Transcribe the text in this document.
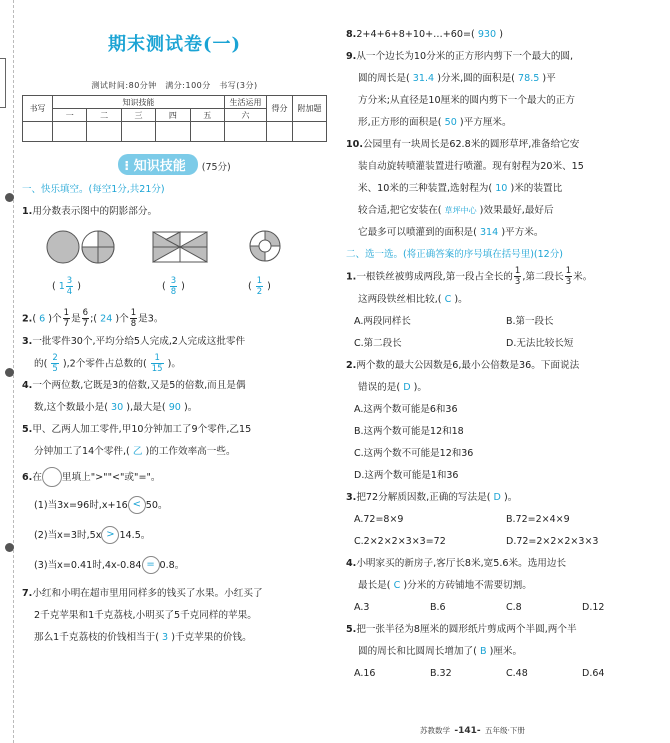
期末测试卷(一)
测试时间:80分钟　满分:100分　书写(3分)
书写	知识技能					生活运用	得分	附加题
	一	二	三	四	五	六		

⁝ 知识技能 (75分)
一、快乐填空。(每空1分,共21分)
1.用分数表示图中的阴影部分。
( $1 \frac{3}{4}$ )	( $\frac{3}{8}$ )	( $\frac{1}{2}$ )
2.( 6 )个 $\frac{1}{7}$ 是 $\frac{6}{7}$ ;( 24 )个 $\frac{1}{8}$ 是3。
3.一批零件30个,平均分给5人完成,2人完成这批零件
的( $\frac{2}{5} ),2$个零件占总数的( $\frac{1}{15}$ )。
4.一个两位数,它既是3的倍数,又是5的倍数,而且是偶
数,这个数最小是( 30 ),最大是( 90 )。
5.甲、乙两人加工零件,甲10分钟加工了9个零件,乙15
分钟加工了14个零件,( 乙 )的工作效率高一些。
6.在 里填上">""<"或"="。
(1)当3x=96时,x+16 < 50。
(2)当x=3时,5x > 14.5。
(3)当x=0.41时,4x-0.84 = 0.8。
7.小红和小明在超市里用同样多的钱买了水果。小红买了
2千克苹果和1千克荔枝,小明买了5千克同样的苹果。
那么1千克荔枝的价钱相当于( 3 )千克苹果的价钱。
8.2+4+6+8+10+…+60=( 930 )
9.从一个边长为10分米的正方形内剪下一个最大的圆,
圆的周长是( 31.4 )分米,圆的面积是( 78.5 )平
方分米;从直径是10厘米的圆内剪下一个最大的正方
形,正方形的面积是( 50 )平方厘米。
10.公园里有一块周长是62.8米的圆形草坪,准备给它安
装自动旋转喷灌装置进行喷灌。现有射程为20米、15
米、10米的三种装置,选射程为( 10 )米的装置比
较合适,把它安装在( 草坪中心 )效果最好,最好后
它最多可以喷灌到的面积是( 314 )平方米。
二、选一选。(将正确答案的序号填在括号里)(12分)
1.一根铁丝被剪成两段,第一段占全长的 $\frac{1}{3}$ ,第二段长 $\frac{1}{3}$ 米。
这两段铁丝相比较,( C )。
A.两段同样长	B.第一段长
C.第二段长	D.无法比较长短
2.两个数的最大公因数是6,最小公倍数是36。下面说法
错误的是( D )。
A.这两个数可能是6和36
B.这两个数可能是12和18
C.这两个数不可能是12和36
D.这两个数可能是1和36
3.把72分解质因数,正确的写法是( D )。
A.72=8×9	B.72=2×4×9
C.2×2×2×3×3=72	D.72=2×2×2×3×3
4.小明家买的新房子,客厅长8米,宽5.6米。选用边长
最长是( C )分米的方砖铺地不需要切割。
A.3	B.6	C.8	D.12
5.把一张半径为8厘米的圆形纸片剪成两个半圆,两个半
圆的周长和比圆周长增加了( B )厘米。
A.16	B.32	C.48	D.64
苏教数学 -141- 五年级·下册
